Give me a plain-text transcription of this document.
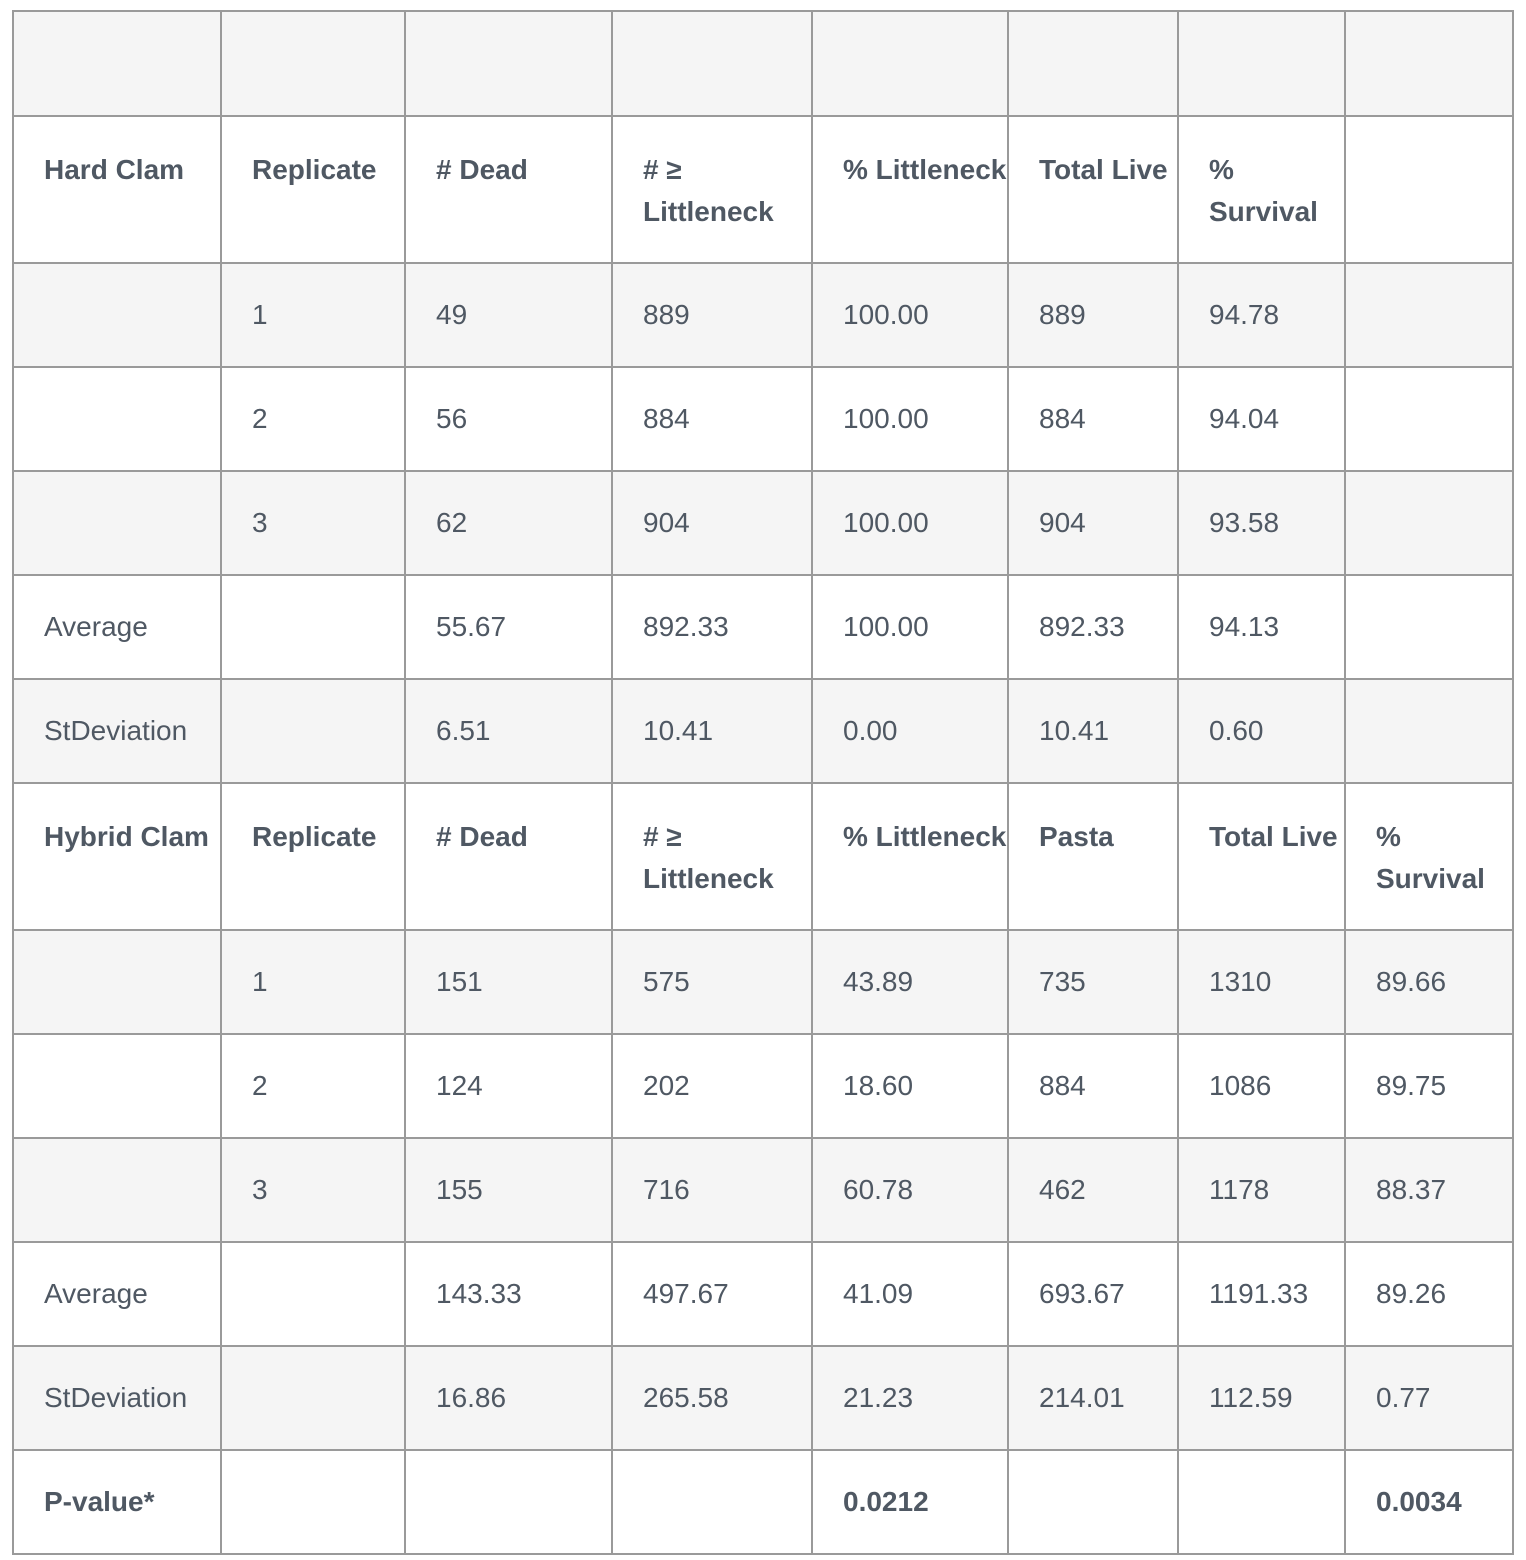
Hard Clam	Replicate	# Dead	# ≥ Littleneck	% Littleneck	Total Live	% Survival	
	1	49	889	100.00	889	94.78	
	2	56	884	100.00	884	94.04	
	3	62	904	100.00	904	93.58	
Average		55.67	892.33	100.00	892.33	94.13	
StDeviation		6.51	10.41	0.00	10.41	0.60	
Hybrid Clam	Replicate	# Dead	# ≥ Littleneck	% Littleneck	Pasta	Total Live	% Survival
	1	151	575	43.89	735	1310	89.66
	2	124	202	18.60	884	1086	89.75
	3	155	716	60.78	462	1178	88.37
Average		143.33	497.67	41.09	693.67	1191.33	89.26
StDeviation		16.86	265.58	21.23	214.01	112.59	0.77
P-value*				0.0212			0.0034
